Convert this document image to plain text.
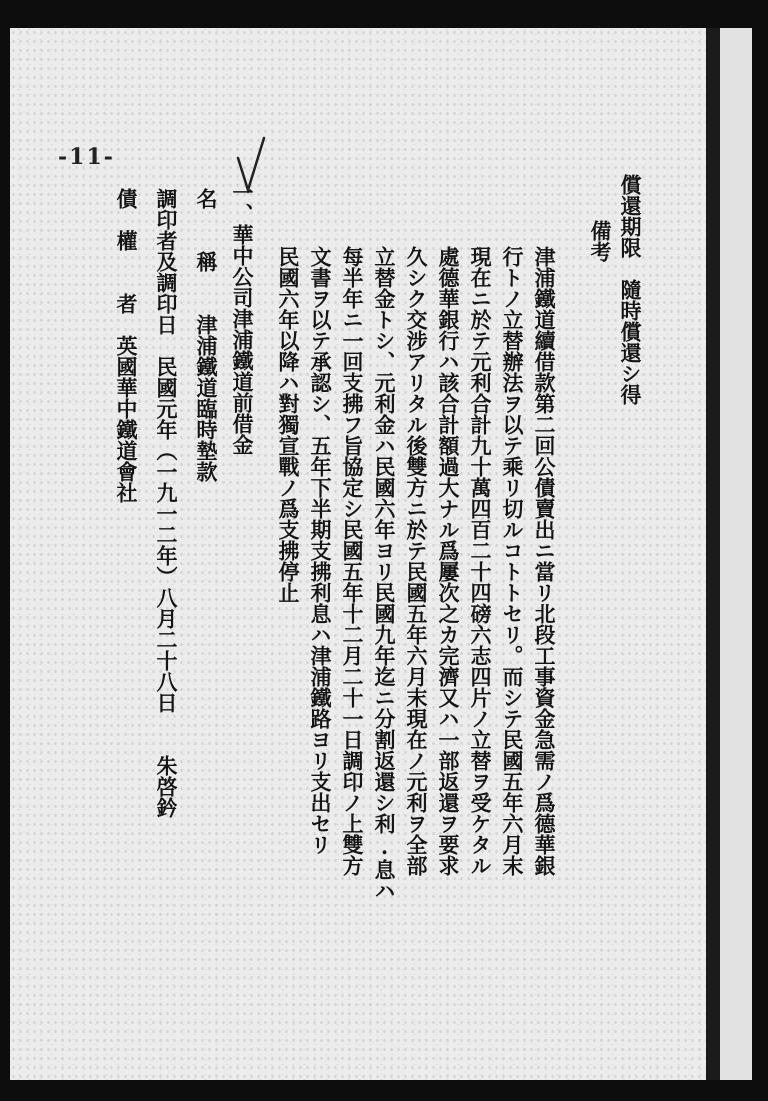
-11-
償還期限　隨時償還シ得
備考
津浦鐵道續借款第二回公債賣出ニ當リ北段工事資金急需ノ爲德華銀
行トノ立替辦法ヲ以テ乘リ切ルコトトセリ。而シテ民國五年六月末
現在ニ於テ元利合計九十萬四百二十四磅六志四片ノ立替ヲ受ケタル
處德華銀行ハ該合計額過大ナル爲屢次之カ完濟又ハ一部返還ヲ要求
久シク交涉アリタル後雙方ニ於テ民國五年六月末現在ノ元利ヲ全部
立替金トシ、元利金ハ民國六年ヨリ民國九年迄ニ分割返還シ利.息ハ
每半年ニ一回支拂フ旨協定シ民國五年十二月二十一日調印ノ上雙方
文書ヲ以テ承認シ、五年下半期支拂利息ハ津浦鐵路ヨリ支出セリ
民國六年以降ハ對獨宣戰ノ爲支拂停止
一、華中公司津浦鐵道前借金
名　　稱　　津浦鐵道臨時墊款
調印者及調印日　民國元年（一九一二年）八月二十八日　　朱啓鈐
債　權　　者　英國華中鐵道會社
